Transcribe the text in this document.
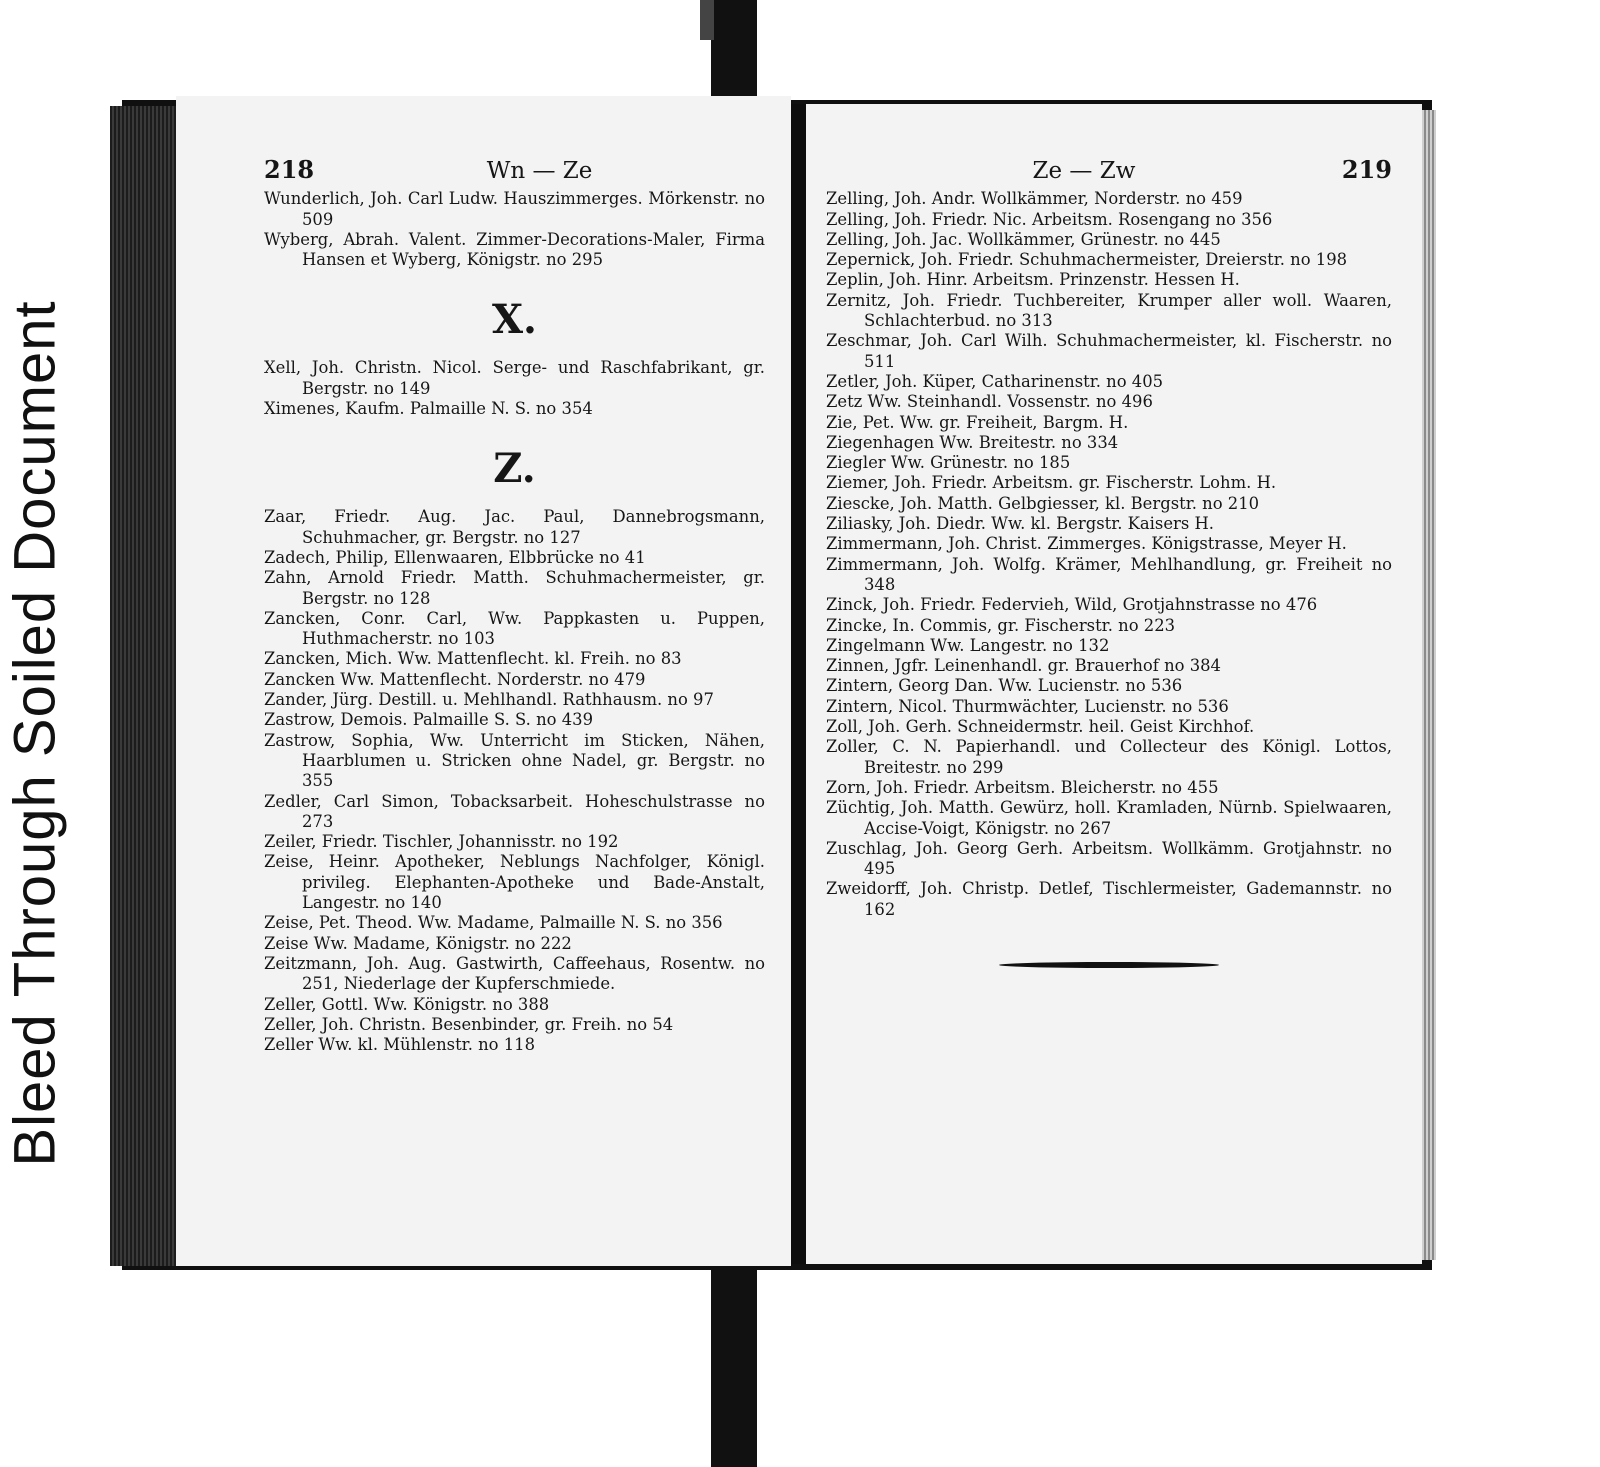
Bleed Through Soiled Document
218	Wn — Ze

Wunderlich, Joh. Carl Ludw. Hauszimmerges. Mörkenstr. no 509

Wyberg, Abrah. Valent. Zimmer-Decorations-Maler, Firma Hansen et Wyberg, Königstr. no 295

X.

Xell, Joh. Christn. Nicol. Serge- und Raschfabrikant, gr. Bergstr. no 149

Ximenes, Kaufm. Palmaille N. S. no 354

Z.

Zaar, Friedr. Aug. Jac. Paul, Dannebrogsmann, Schuhmacher, gr. Bergstr. no 127

Zadech, Philip, Ellenwaaren, Elbbrücke no 41

Zahn, Arnold Friedr. Matth. Schuhmachermeister, gr. Bergstr. no 128

Zancken, Conr. Carl, Ww. Pappkasten u. Puppen, Huthmacherstr. no 103

Zancken, Mich. Ww. Mattenflecht. kl. Freih. no 83

Zancken Ww. Mattenflecht. Norderstr. no 479

Zander, Jürg. Destill. u. Mehlhandl. Rathhausm. no 97

Zastrow, Demois. Palmaille S. S. no 439

Zastrow, Sophia, Ww. Unterricht im Sticken, Nähen, Haarblumen u. Stricken ohne Nadel, gr. Bergstr. no 355

Zedler, Carl Simon, Tobacksarbeit. Hoheschulstrasse no 273

Zeiler, Friedr. Tischler, Johannisstr. no 192

Zeise, Heinr. Apotheker, Neblungs Nachfolger, Königl. privileg. Elephanten-Apotheke und Bade-Anstalt, Langestr. no 140

Zeise, Pet. Theod. Ww. Madame, Palmaille N. S. no 356

Zeise Ww. Madame, Königstr. no 222

Zeitzmann, Joh. Aug. Gastwirth, Caffeehaus, Rosentw. no 251, Niederlage der Kupferschmiede.

Zeller, Gottl. Ww. Königstr. no 388

Zeller, Joh. Christn. Besenbinder, gr. Freih. no 54

Zeller Ww. kl. Mühlenstr. no 118

Ze — Zw	219

Zelling, Joh. Andr. Wollkämmer, Norderstr. no 459

Zelling, Joh. Friedr. Nic. Arbeitsm. Rosengang no 356

Zelling, Joh. Jac. Wollkämmer, Grünestr. no 445

Zepernick, Joh. Friedr. Schuhmachermeister, Dreierstr. no 198

Zeplin, Joh. Hinr. Arbeitsm. Prinzenstr. Hessen H.

Zernitz, Joh. Friedr. Tuchbereiter, Krumper aller woll. Waaren, Schlachterbud. no 313

Zeschmar, Joh. Carl Wilh. Schuhmachermeister, kl. Fischerstr. no 511

Zetler, Joh. Küper, Catharinenstr. no 405

Zetz Ww. Steinhandl. Vossenstr. no 496

Zie, Pet. Ww. gr. Freiheit, Bargm. H.

Ziegenhagen Ww. Breitestr. no 334

Ziegler Ww. Grünestr. no 185

Ziemer, Joh. Friedr. Arbeitsm. gr. Fischerstr. Lohm. H.

Ziescke, Joh. Matth. Gelbgiesser, kl. Bergstr. no 210

Ziliasky, Joh. Diedr. Ww. kl. Bergstr. Kaisers H.

Zimmermann, Joh. Christ. Zimmerges. Königstrasse, Meyer H.

Zimmermann, Joh. Wolfg. Krämer, Mehlhandlung, gr. Freiheit no 348

Zinck, Joh. Friedr. Federvieh, Wild, Grotjahnstrasse no 476

Zincke, In. Commis, gr. Fischerstr. no 223

Zingelmann Ww. Langestr. no 132

Zinnen, Jgfr. Leinenhandl. gr. Brauerhof no 384

Zintern, Georg Dan. Ww. Lucienstr. no 536

Zintern, Nicol. Thurmwächter, Lucienstr. no 536

Zoll, Joh. Gerh. Schneidermstr. heil. Geist Kirchhof.

Zoller, C. N. Papierhandl. und Collecteur des Königl. Lottos, Breitestr. no 299

Zorn, Joh. Friedr. Arbeitsm. Bleicherstr. no 455

Züchtig, Joh. Matth. Gewürz, holl. Kramladen, Nürnb. Spielwaaren, Accise-Voigt, Königstr. no 267

Zuschlag, Joh. Georg Gerh. Arbeitsm. Wollkämm. Grotjahnstr. no 495

Zweidorff, Joh. Christp. Detlef, Tischlermeister, Gademannstr. no 162
